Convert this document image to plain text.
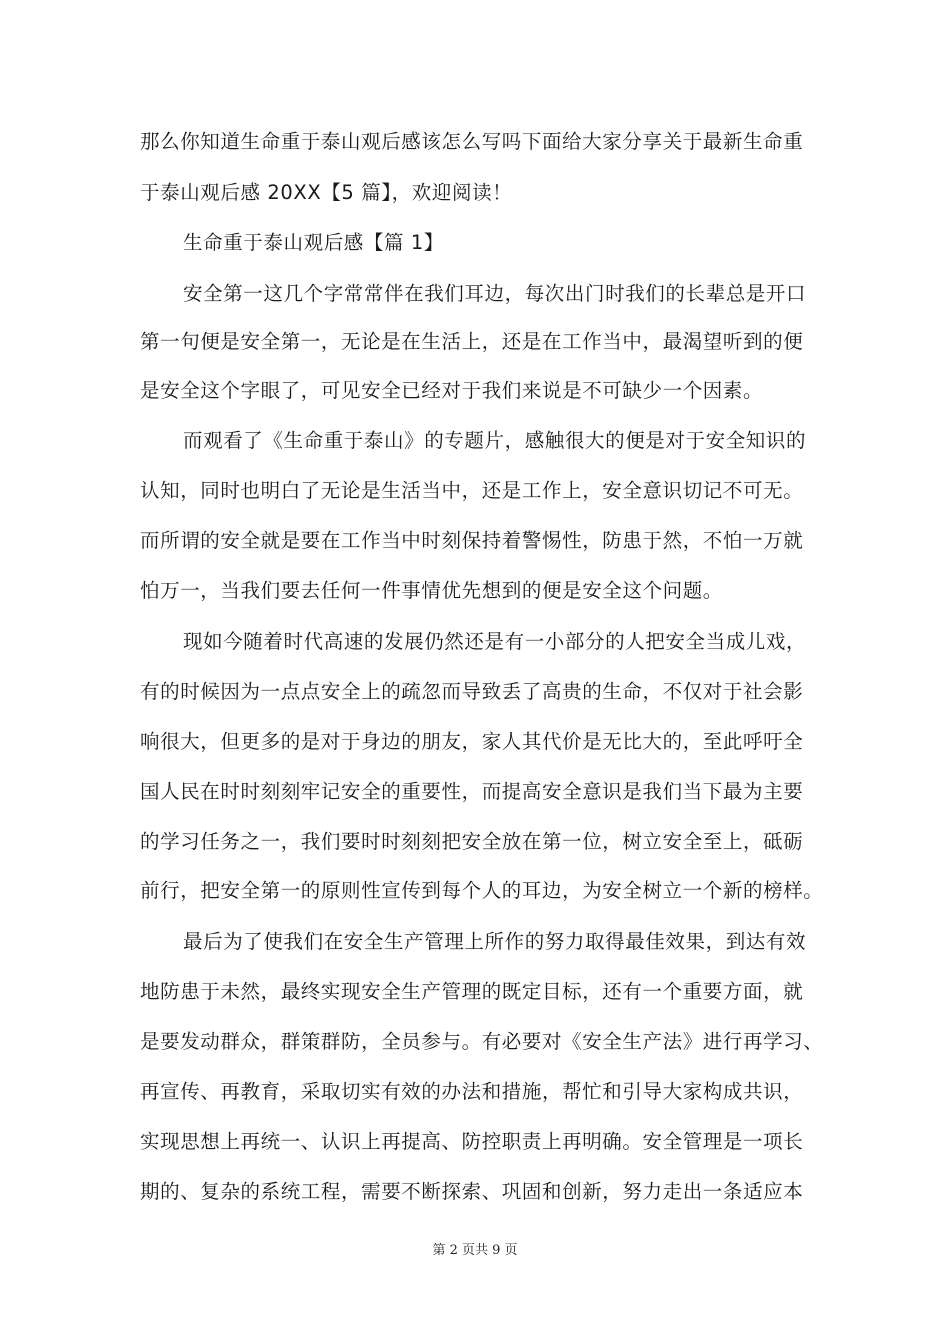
那么你知道生命重于泰山观后感该怎么写吗下面给大家分享关于最新生命重
于泰山观后感 20XX【5 篇】，欢迎阅读！
生命重于泰山观后感【篇 1】
安全第一这几个字常常伴在我们耳边，每次出门时我们的长辈总是开口
第一句便是安全第一，无论是在生活上，还是在工作当中，最渴望听到的便
是安全这个字眼了，可见安全已经对于我们来说是不可缺少一个因素。
而观看了《生命重于泰山》的专题片，感触很大的便是对于安全知识的
认知，同时也明白了无论是生活当中，还是工作上，安全意识切记不可无。
而所谓的安全就是要在工作当中时刻保持着警惕性，防患于然，不怕一万就
怕万一，当我们要去任何一件事情优先想到的便是安全这个问题。
现如今随着时代高速的发展仍然还是有一小部分的人把安全当成儿戏，
有的时候因为一点点安全上的疏忽而导致丢了高贵的生命，不仅对于社会影
响很大，但更多的是对于身边的朋友，家人其代价是无比大的，至此呼吁全
国人民在时时刻刻牢记安全的重要性，而提高安全意识是我们当下最为主要
的学习任务之一，我们要时时刻刻把安全放在第一位，树立安全至上，砥砺
前行，把安全第一的原则性宣传到每个人的耳边，为安全树立一个新的榜样。
最后为了使我们在安全生产管理上所作的努力取得最佳效果，到达有效
地防患于未然，最终实现安全生产管理的既定目标，还有一个重要方面，就
是要发动群众，群策群防，全员参与。有必要对《安全生产法》进行再学习、
再宣传、再教育，采取切实有效的办法和措施，帮忙和引导大家构成共识，
实现思想上再统一、认识上再提高、防控职责上再明确。安全管理是一项长
期的、复杂的系统工程，需要不断探索、巩固和创新，努力走出一条适应本
第 2 页共 9 页
